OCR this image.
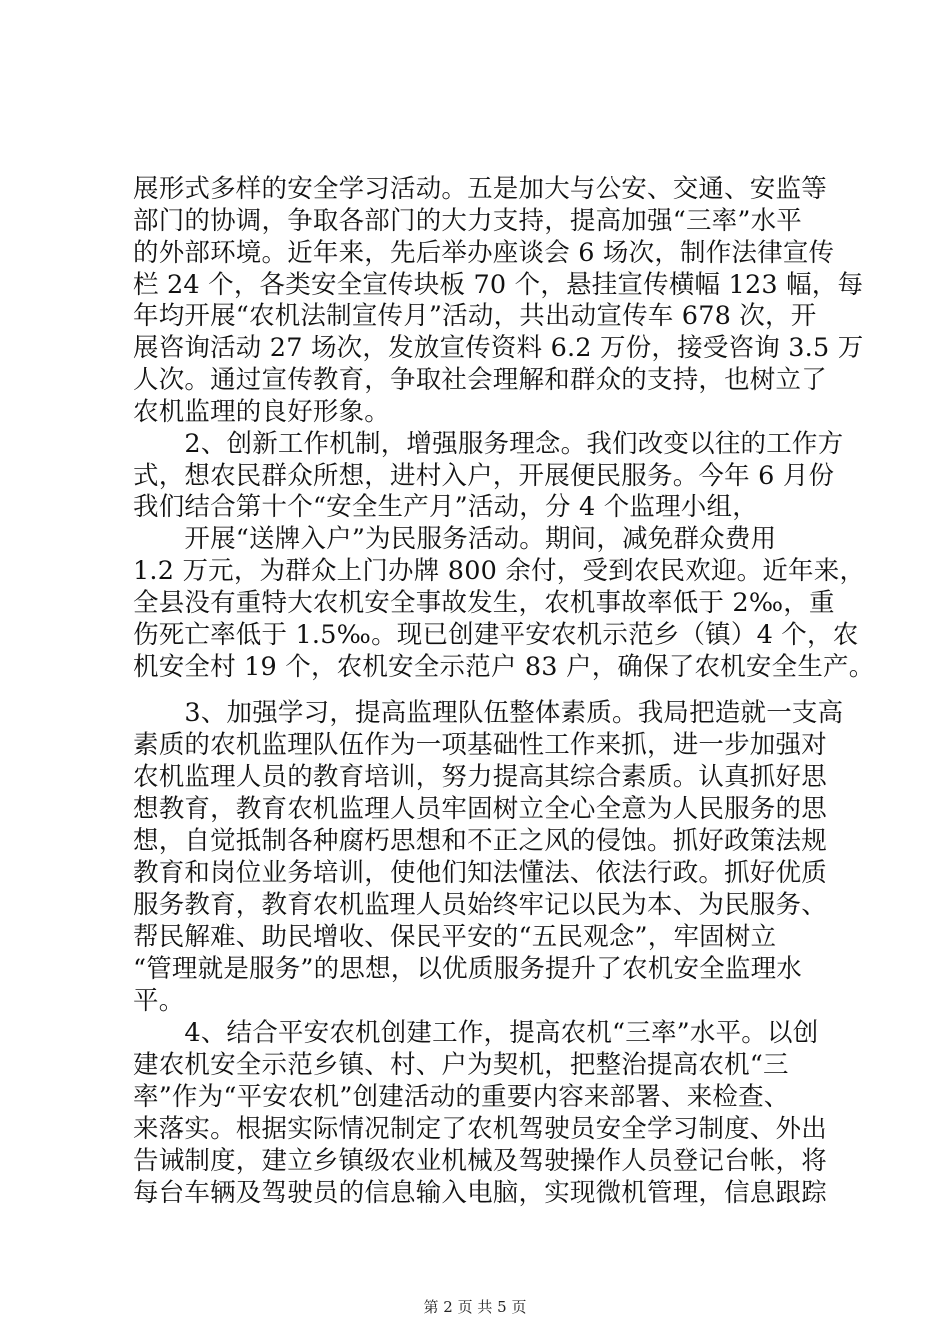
展形式多样的安全学习活动。五是加大与公安、交通、安监等
部门的协调，争取各部门的大力支持，提高加强“三率”水平
的外部环境。近年来，先后举办座谈会 6 场次，制作法律宣传
栏 24 个，各类安全宣传块板 70 个，悬挂宣传横幅 123 幅，每
年均开展“农机法制宣传月”活动，共出动宣传车 678 次，开
展咨询活动 27 场次，发放宣传资料 6.2 万份，接受咨询 3.5 万
人次。通过宣传教育，争取社会理解和群众的支持，也树立了
农机监理的良好形象。
　　2、创新工作机制，增强服务理念。我们改变以往的工作方
式，想农民群众所想，进村入户，开展便民服务。今年 6 月份
我们结合第十个“安全生产月”活动，分 4 个监理小组，
　　开展“送牌入户”为民服务活动。期间，减免群众费用
1.2 万元，为群众上门办牌 800 余付，受到农民欢迎。近年来，
全县没有重特大农机安全事故发生，农机事故率低于 2‰，重
伤死亡率低于 1.5‰。现已创建平安农机示范乡（镇）4 个，农
机安全村 19 个，农机安全示范户 83 户，确保了农机安全生产。
　　3、加强学习，提高监理队伍整体素质。我局把造就一支高
素质的农机监理队伍作为一项基础性工作来抓，进一步加强对
农机监理人员的教育培训，努力提高其综合素质。认真抓好思
想教育，教育农机监理人员牢固树立全心全意为人民服务的思
想，自觉抵制各种腐朽思想和不正之风的侵蚀。抓好政策法规
教育和岗位业务培训，使他们知法懂法、依法行政。抓好优质
服务教育，教育农机监理人员始终牢记以民为本、为民服务、
帮民解难、助民增收、保民平安的“五民观念”，牢固树立
“管理就是服务”的思想，以优质服务提升了农机安全监理水
平。
　　4、结合平安农机创建工作，提高农机“三率”水平。以创
建农机安全示范乡镇、村、户为契机，把整治提高农机“三
率”作为“平安农机”创建活动的重要内容来部署、来检查、
来落实。根据实际情况制定了农机驾驶员安全学习制度、外出
告诫制度，建立乡镇级农业机械及驾驶操作人员登记台帐，将
每台车辆及驾驶员的信息输入电脑，实现微机管理，信息跟踪
第 2 页 共 5 页
